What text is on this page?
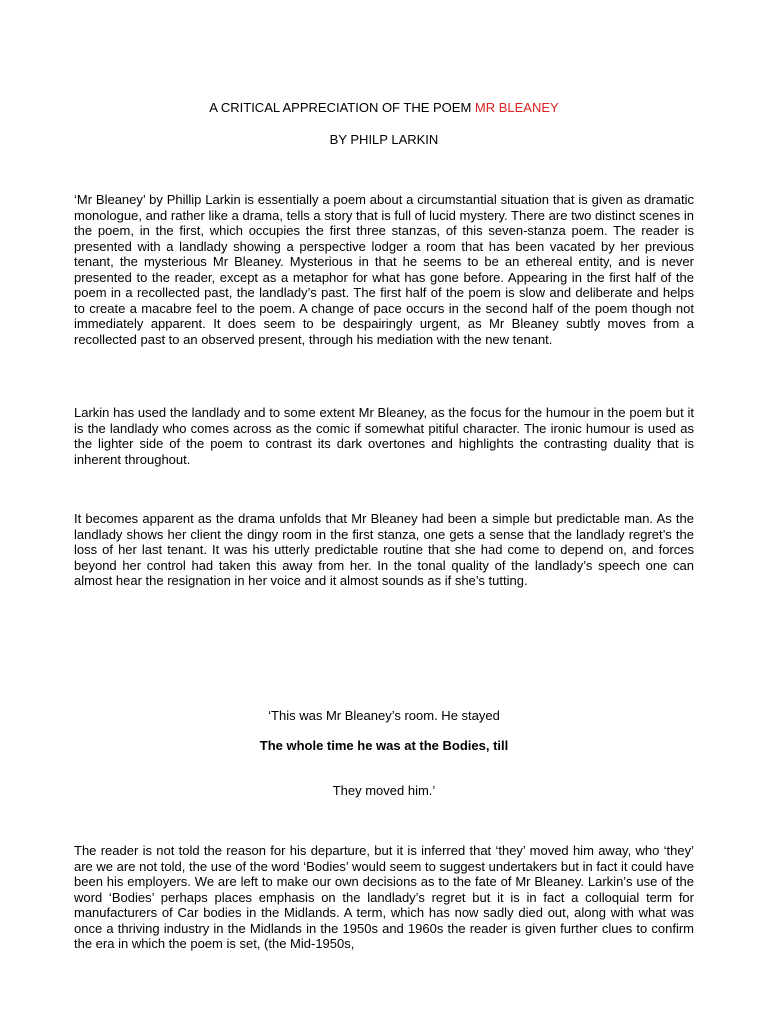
A CRITICAL APPRECIATION OF THE POEM MR BLEANEY
BY PHILP LARKIN

‘Mr Bleaney’ by Phillip Larkin is essentially a poem about a circumstantial situation that is given as dramatic monologue, and rather like a drama, tells a story that is full of lucid mystery. There are two distinct scenes in the poem, in the first, which occupies the first three stanzas, of this seven-stanza poem. The reader is presented with a landlady showing a perspective lodger a room that has been vacated by her previous tenant, the mysterious Mr Bleaney. Mysterious in that he seems to be an ethereal entity, and is never presented to the reader, except as a metaphor for what has gone before. Appearing in the first half of the poem in a recollected past, the landlady’s past. The first half of the poem is slow and deliberate and helps to create a macabre feel to the poem. A change of pace occurs in the second half of the poem though not immediately apparent. It does seem to be despairingly urgent, as Mr Bleaney subtly moves from a recollected past to an observed present, through his mediation with the new tenant.

Larkin has used the landlady and to some extent Mr Bleaney, as the focus for the humour in the poem but it is the landlady who comes across as the comic if somewhat pitiful character. The ironic humour is used as the lighter side of the poem to contrast its dark overtones and highlights the contrasting duality that is inherent throughout.

It becomes apparent as the drama unfolds that Mr Bleaney had been a simple but predictable man. As the landlady shows her client the dingy room in the first stanza, one gets a sense that the landlady regret’s the loss of her last tenant. It was his utterly predictable routine that she had come to depend on, and forces beyond her control had taken this away from her. In the tonal quality of the landlady’s speech one can almost hear the resignation in her voice and it almost sounds as if she’s tutting.

‘This was Mr Bleaney’s room. He stayed
The whole time he was at the Bodies, till
They moved him.’

The reader is not told the reason for his departure, but it is inferred that ‘they’ moved him away, who ‘they’ are we are not told, the use of the word ‘Bodies’ would seem to suggest undertakers but in fact it could have been his employers. We are left to make our own decisions as to the fate of Mr Bleaney. Larkin’s use of the word ‘Bodies’ perhaps places emphasis on the landlady’s regret but it is in fact a colloquial term for manufacturers of Car bodies in the Midlands. A term, which has now sadly died out, along with what was once a thriving industry in the Midlands in the 1950s and 1960s the reader is given further clues to confirm the era in which the poem is set, (the Mid-1950s,
